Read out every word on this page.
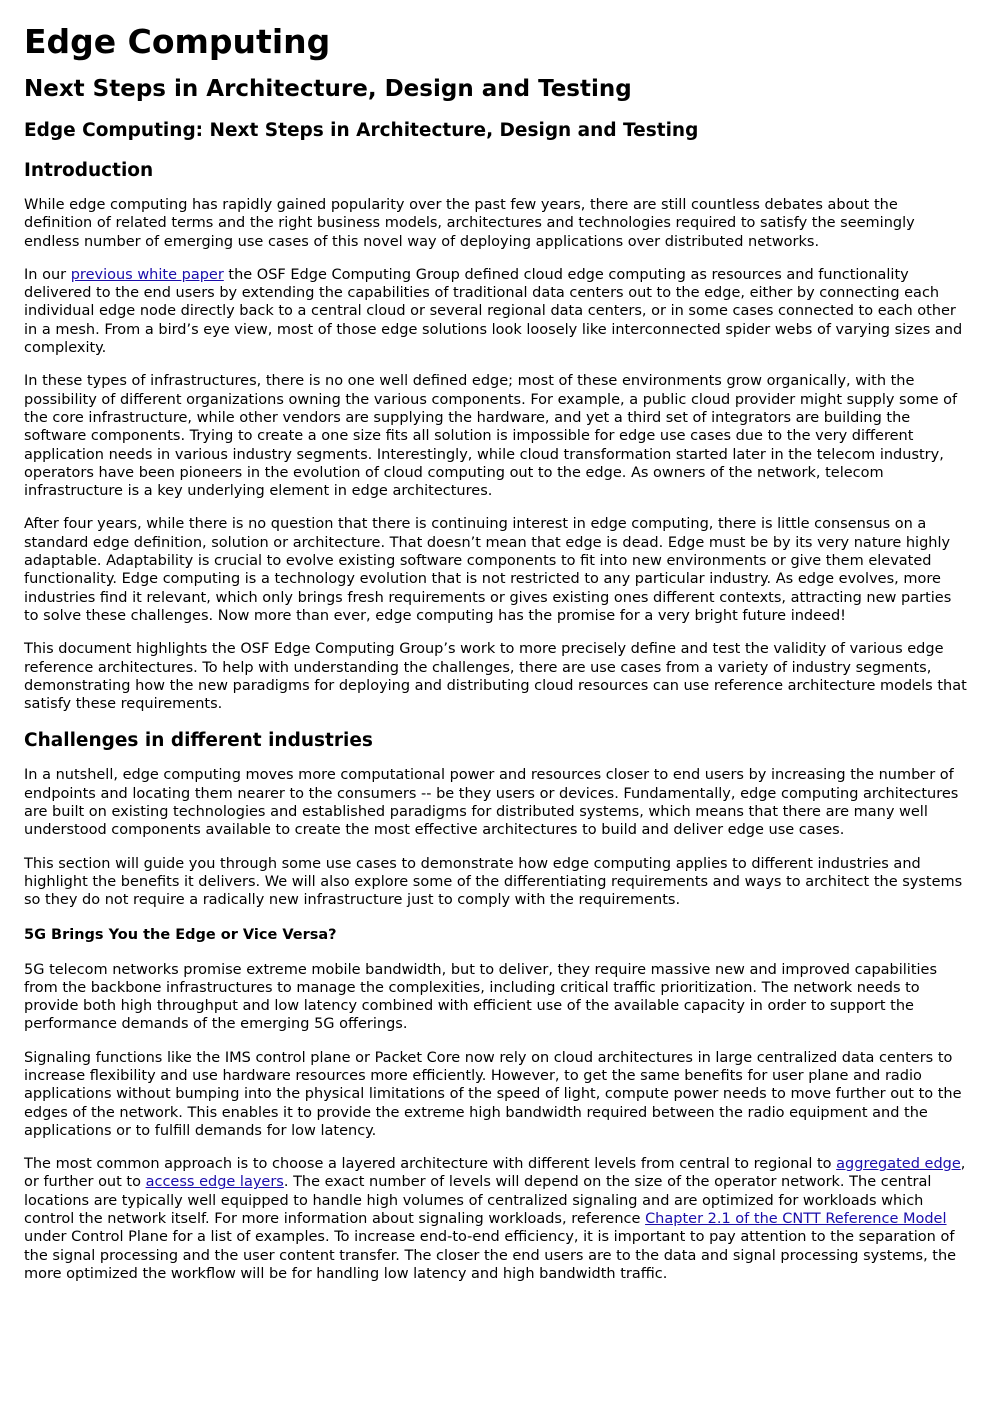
Edge Computing
Next Steps in Architecture, Design and Testing
Edge Computing: Next Steps in Architecture, Design and Testing
Introduction

While edge computing has rapidly gained popularity over the past few years, there are still countless debates about the definition of related terms and the right business models, architectures and technologies required to satisfy the seemingly endless number of emerging use cases of this novel way of deploying applications over distributed networks.

In our previous white paper the OSF Edge Computing Group defined cloud edge computing as resources and functionality delivered to the end users by extending the capabilities of traditional data centers out to the edge, either by connecting each individual edge node directly back to a central cloud or several regional data centers, or in some cases connected to each other in a mesh. From a bird’s eye view, most of those edge solutions look loosely like interconnected spider webs of varying sizes and complexity.

In these types of infrastructures, there is no one well defined edge; most of these environments grow organically, with the possibility of different organizations owning the various components. For example, a public cloud provider might supply some of the core infrastructure, while other vendors are supplying the hardware, and yet a third set of integrators are building the software components. Trying to create a one size fits all solution is impossible for edge use cases due to the very different application needs in various industry segments. Interestingly, while cloud transformation started later in the telecom industry, operators have been pioneers in the evolution of cloud computing out to the edge. As owners of the network, telecom infrastructure is a key underlying element in edge architectures.

After four years, while there is no question that there is continuing interest in edge computing, there is little consensus on a standard edge definition, solution or architecture. That doesn’t mean that edge is dead. Edge must be by its very nature highly adaptable. Adaptability is crucial to evolve existing software components to fit into new environments or give them elevated functionality. Edge computing is a technology evolution that is not restricted to any particular industry. As edge evolves, more industries find it relevant, which only brings fresh requirements or gives existing ones different contexts, attracting new parties to solve these challenges. Now more than ever, edge computing has the promise for a very bright future indeed!

This document highlights the OSF Edge Computing Group’s work to more precisely define and test the validity of various edge reference architectures. To help with understanding the challenges, there are use cases from a variety of industry segments, demonstrating how the new paradigms for deploying and distributing cloud resources can use reference architecture models that satisfy these requirements.

Challenges in different industries

In a nutshell, edge computing moves more computational power and resources closer to end users by increasing the number of endpoints and locating them nearer to the consumers -- be they users or devices. Fundamentally, edge computing architectures are built on existing technologies and established paradigms for distributed systems, which means that there are many well understood components available to create the most effective architectures to build and deliver edge use cases.

This section will guide you through some use cases to demonstrate how edge computing applies to different industries and highlight the benefits it delivers. We will also explore some of the differentiating requirements and ways to architect the systems so they do not require a radically new infrastructure just to comply with the requirements.

5G Brings You the Edge or Vice Versa?

5G telecom networks promise extreme mobile bandwidth, but to deliver, they require massive new and improved capabilities from the backbone infrastructures to manage the complexities, including critical traffic prioritization. The network needs to provide both high throughput and low latency combined with efficient use of the available capacity in order to support the performance demands of the emerging 5G offerings.

Signaling functions like the IMS control plane or Packet Core now rely on cloud architectures in large centralized data centers to increase flexibility and use hardware resources more efficiently. However, to get the same benefits for user plane and radio applications without bumping into the physical limitations of the speed of light, compute power needs to move further out to the edges of the network. This enables it to provide the extreme high bandwidth required between the radio equipment and the applications or to fulfill demands for low latency.

The most common approach is to choose a layered architecture with different levels from central to regional to aggregated edge, or further out to access edge layers. The exact number of levels will depend on the size of the operator network. The central locations are typically well equipped to handle high volumes of centralized signaling and are optimized for workloads which control the network itself. For more information about signaling workloads, reference Chapter 2.1 of the CNTT Reference Model under Control Plane for a list of examples. To increase end-to-end efficiency, it is important to pay attention to the separation of the signal processing and the user content transfer. The closer the end users are to the data and signal processing systems, the more optimized the workflow will be for handling low latency and high bandwidth traffic.
